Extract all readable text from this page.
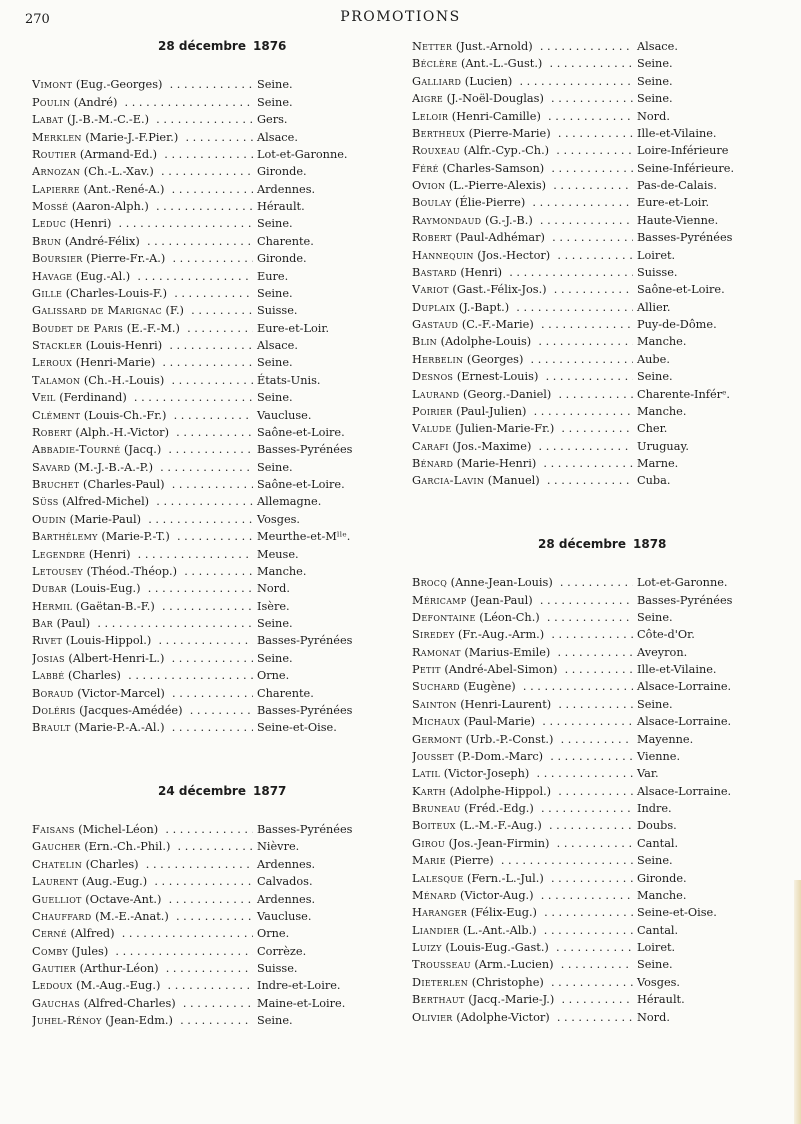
270	PROMOTIONS
28 décembre 1876
Vimont (Eug.-Georges) . . .	Seine.
Poulin (André) . . .	Seine.
Labat (J.-B.-M.-C.-E.) . . .	Gers.
Merklen (Marie-J.-F.Pier.) . . .	Alsace.
Routier (Armand-Ed.) . . .	Lot-et-Garonne.
Arnozan (Ch.-L.-Xav.) . . .	Gironde.
Lapierre (Ant.-René-A.) . . .	Ardennes.
Mossé (Aaron-Alph.) . . .	Hérault.
Leduc (Henri) . . .	Seine.
Brun (André-Félix) . . .	Charente.
Boursier (Pierre-Fr.-A.) . . .	Gironde.
Havage (Eug.-Al.) . . .	Eure.
Gille (Charles-Louis-F.) . . .	Seine.
Galissard de Marignac (F.) . . .	Suisse.
Boudet de Paris (E.-F.-M.) . . .	Eure-et-Loir.
Stackler (Louis-Henri) . . .	Alsace.
Leroux (Henri-Marie) . . .	Seine.
Talamon (Ch.-H.-Louis) . . .	États-Unis.
Veil (Ferdinand) . . .	Seine.
Clément (Louis-Ch.-Fr.) . . .	Vaucluse.
Robert (Alph.-H.-Victor) . . .	Saône-et-Loire.
Abbadie-Tourné (Jacq.) . . .	Basses-Pyrénées
Savard (M.-J.-B.-A.-P.) . . .	Seine.
Bruchet (Charles-Paul) . . .	Saône-et-Loire.
Süss (Alfred-Michel) . . .	Allemagne.
Oudin (Marie-Paul) . . .	Vosges.
Barthélemy (Marie-P.-T.) . . .	Meurthe-et-Mˡˡᵉ.
Legendre (Henri) . . .	Meuse.
Letousey (Théod.-Théop.) . . .	Manche.
Dubar (Louis-Eug.) . . .	Nord.
Hermil (Gaëtan-B.-F.) . . .	Isère.
Bar (Paul) . . .	Seine.
Rivet (Louis-Hippol.) . . .	Basses-Pyrénées
Josias (Albert-Henri-L.) . . .	Seine.
Labbé (Charles) . . .	Orne.
Boraud (Victor-Marcel) . . .	Charente.
Doléris (Jacques-Amédée) . . .	Basses-Pyrénées
Brault (Marie-P.-A.-Al.) . . .	Seine-et-Oise.
24 décembre 1877
Faisans (Michel-Léon) . . .	Basses-Pyrénées
Gaucher (Ern.-Ch.-Phil.) . . .	Nièvre.
Chatelin (Charles) . . .	Ardennes.
Laurent (Aug.-Eug.) . . .	Calvados.
Guelliot (Octave-Ant.) . . .	Ardennes.
Chauffard (M.-E.-Anat.) . . .	Vaucluse.
Cerné (Alfred) . . .	Orne.
Comby (Jules) . . .	Corrèze.
Gautier (Arthur-Léon) . . .	Suisse.
Ledoux (M.-Aug.-Eug.) . . .	Indre-et-Loire.
Gauchas (Alfred-Charles) . . .	Maine-et-Loire.
Juhel-Rénoy (Jean-Edm.) . . .	Seine.
Netter (Just.-Arnold) . . .	Alsace.
Béclère (Ant.-L.-Gust.) . . .	Seine.
Galliard (Lucien) . . .	Seine.
Aigre (J.-Noël-Douglas) . . .	Seine.
Leloir (Henri-Camille) . . .	Nord.
Bertheux (Pierre-Marie) . . .	Ille-et-Vilaine.
Rouxeau (Alfr.-Cyp.-Ch.) . . .	Loire-Inférieure
Féré (Charles-Samson) . . .	Seine-Inférieure.
Ovion (L.-Pierre-Alexis) . . .	Pas-de-Calais.
Boulay (Élie-Pierre) . . .	Eure-et-Loir.
Raymondaud (G.-J.-B.) . . .	Haute-Vienne.
Robert (Paul-Adhémar) . . .	Basses-Pyrénées
Hannequin (Jos.-Hector) . . .	Loiret.
Bastard (Henri) . . .	Suisse.
Variot (Gast.-Félix-Jos.) . . .	Saône-et-Loire.
Duplaix (J.-Bapt.) . . .	Allier.
Gastaud (C.-F.-Marie) . . .	Puy-de-Dôme.
Blin (Adolphe-Louis) . . .	Manche.
Herbelin (Georges) . . .	Aube.
Desnos (Ernest-Louis) . . .	Seine.
Laurand (Georg.-Daniel) . . .	Charente-Inférᵉ.
Poirier (Paul-Julien) . . .	Manche.
Valude (Julien-Marie-Fr.) . . .	Cher.
Carafi (Jos.-Maxime) . . .	Uruguay.
Bénard (Marie-Henri) . . .	Marne.
Garcia-Lavin (Manuel) . . .	Cuba.
28 décembre 1878
Brocq (Anne-Jean-Louis) . . .	Lot-et-Garonne.
Méricamp (Jean-Paul) . . .	Basses-Pyrénées
Defontaine (Léon-Ch.) . . .	Seine.
Siredey (Fr.-Aug.-Arm.) . . .	Côte-d'Or.
Ramonat (Marius-Emile) . . .	Aveyron.
Petit (André-Abel-Simon) . . .	Ille-et-Vilaine.
Suchard (Eugène) . . .	Alsace-Lorraine.
Sainton (Henri-Laurent) . . .	Seine.
Michaux (Paul-Marie) . . .	Alsace-Lorraine.
Germont (Urb.-P.-Const.) . . .	Mayenne.
Jousset (P.-Dom.-Marc) . . .	Vienne.
Latil (Victor-Joseph) . . .	Var.
Karth (Adolphe-Hippol.) . . .	Alsace-Lorraine.
Bruneau (Fréd.-Edg.) . . .	Indre.
Boiteux (L.-M.-F.-Aug.) . . .	Doubs.
Girou (Jos.-Jean-Firmin) . . .	Cantal.
Marie (Pierre) . . .	Seine.
Lalesque (Fern.-L.-Jul.) . . .	Gironde.
Ménard (Victor-Aug.) . . .	Manche.
Haranger (Félix-Eug.) . . .	Seine-et-Oise.
Liandier (L.-Ant.-Alb.) . . .	Cantal.
Luizy (Louis-Eug.-Gast.) . . .	Loiret.
Trousseau (Arm.-Lucien) . . .	Seine.
Dieterlen (Christophe) . . .	Vosges.
Berthaut (Jacq.-Marie-J.) . . .	Hérault.
Olivier (Adolphe-Victor) . . .	Nord.
